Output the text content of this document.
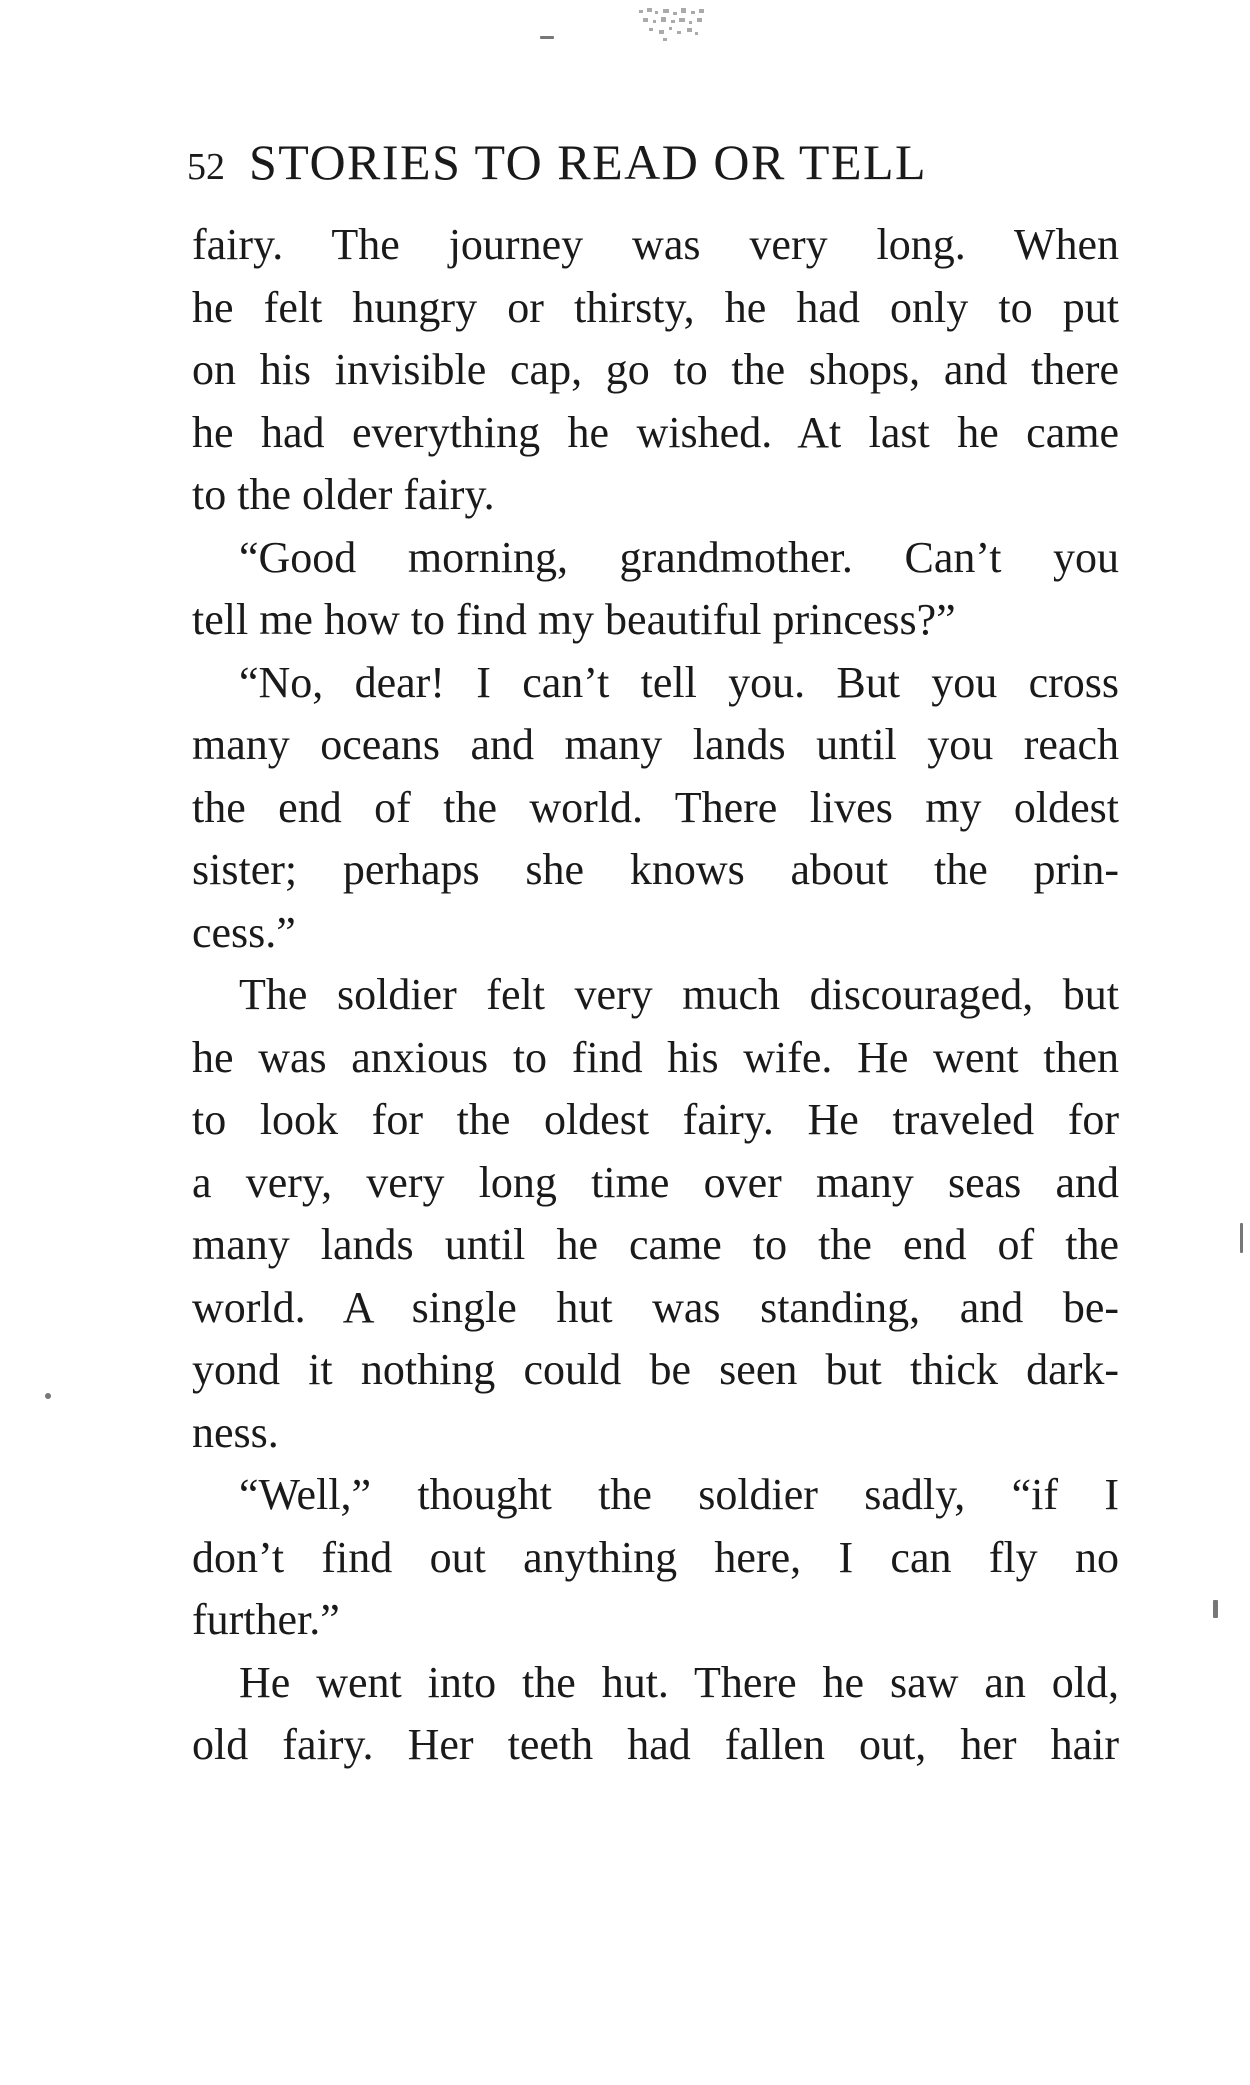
52 STORIES TO READ OR TELL
fairy. The journey was very long. When
he felt hungry or thirsty, he had only to put
on his invisible cap, go to the shops, and there
he had everything he wished. At last he came
to the older fairy.
“Good morning, grandmother. Can’t you
tell me how to find my beautiful princess?”
“No, dear! I can’t tell you. But you cross
many oceans and many lands until you reach
the end of the world. There lives my oldest
sister; perhaps she knows about the prin-
cess.”
The soldier felt very much discouraged, but
he was anxious to find his wife. He went then
to look for the oldest fairy. He traveled for
a very, very long time over many seas and
many lands until he came to the end of the
world. A single hut was standing, and be-
yond it nothing could be seen but thick dark-
ness.
“Well,” thought the soldier sadly, “if I
don’t find out anything here, I can fly no
further.”
He went into the hut. There he saw an old,
old fairy. Her teeth had fallen out, her hair
